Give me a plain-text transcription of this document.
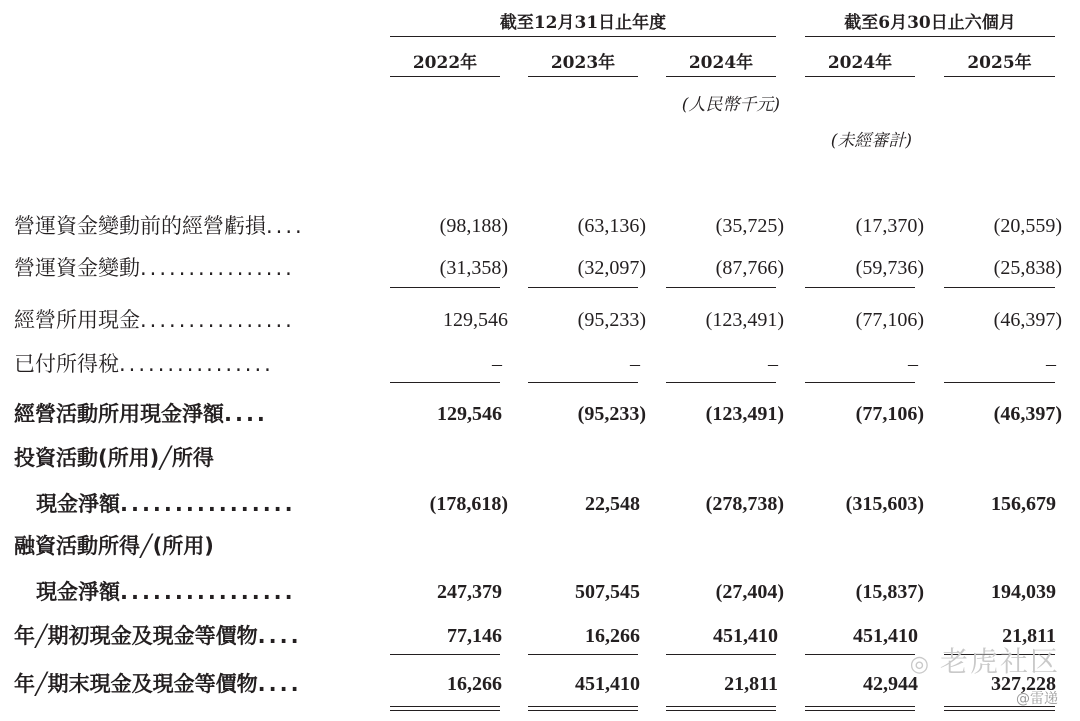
截至12月31日止年度	截至6月30日止六個月
2022年	2023年	2024年	2024年	2025年
(人民幣千元)
(未經審計)
營運資金變動前的經營虧損....	(98,188)	(63,136)	(35,725)	(17,370)	(20,559)
營運資金變動................	(31,358)	(32,097)	(87,766)	(59,736)	(25,838)
經營所用現金................	129,546	(95,233)	(123,491)	(77,106)	(46,397)
已付所得稅................	–	–	–	–	–
經營活動所用現金淨額....	129,546	(95,233)	(123,491)	(77,106)	(46,397)
投資活動(所用)╱所得
現金淨額................	(178,618)	22,548	(278,738)	(315,603)	156,679
融資活動所得╱(所用)
現金淨額................	247,379	507,545	(27,404)	(15,837)	194,039
年╱期初現金及現金等價物....	77,146	16,266	451,410	451,410	21,811
年╱期末現金及現金等價物....	16,266	451,410	21,811	42,944	327,228
◎ 老虎社区
@雷递
